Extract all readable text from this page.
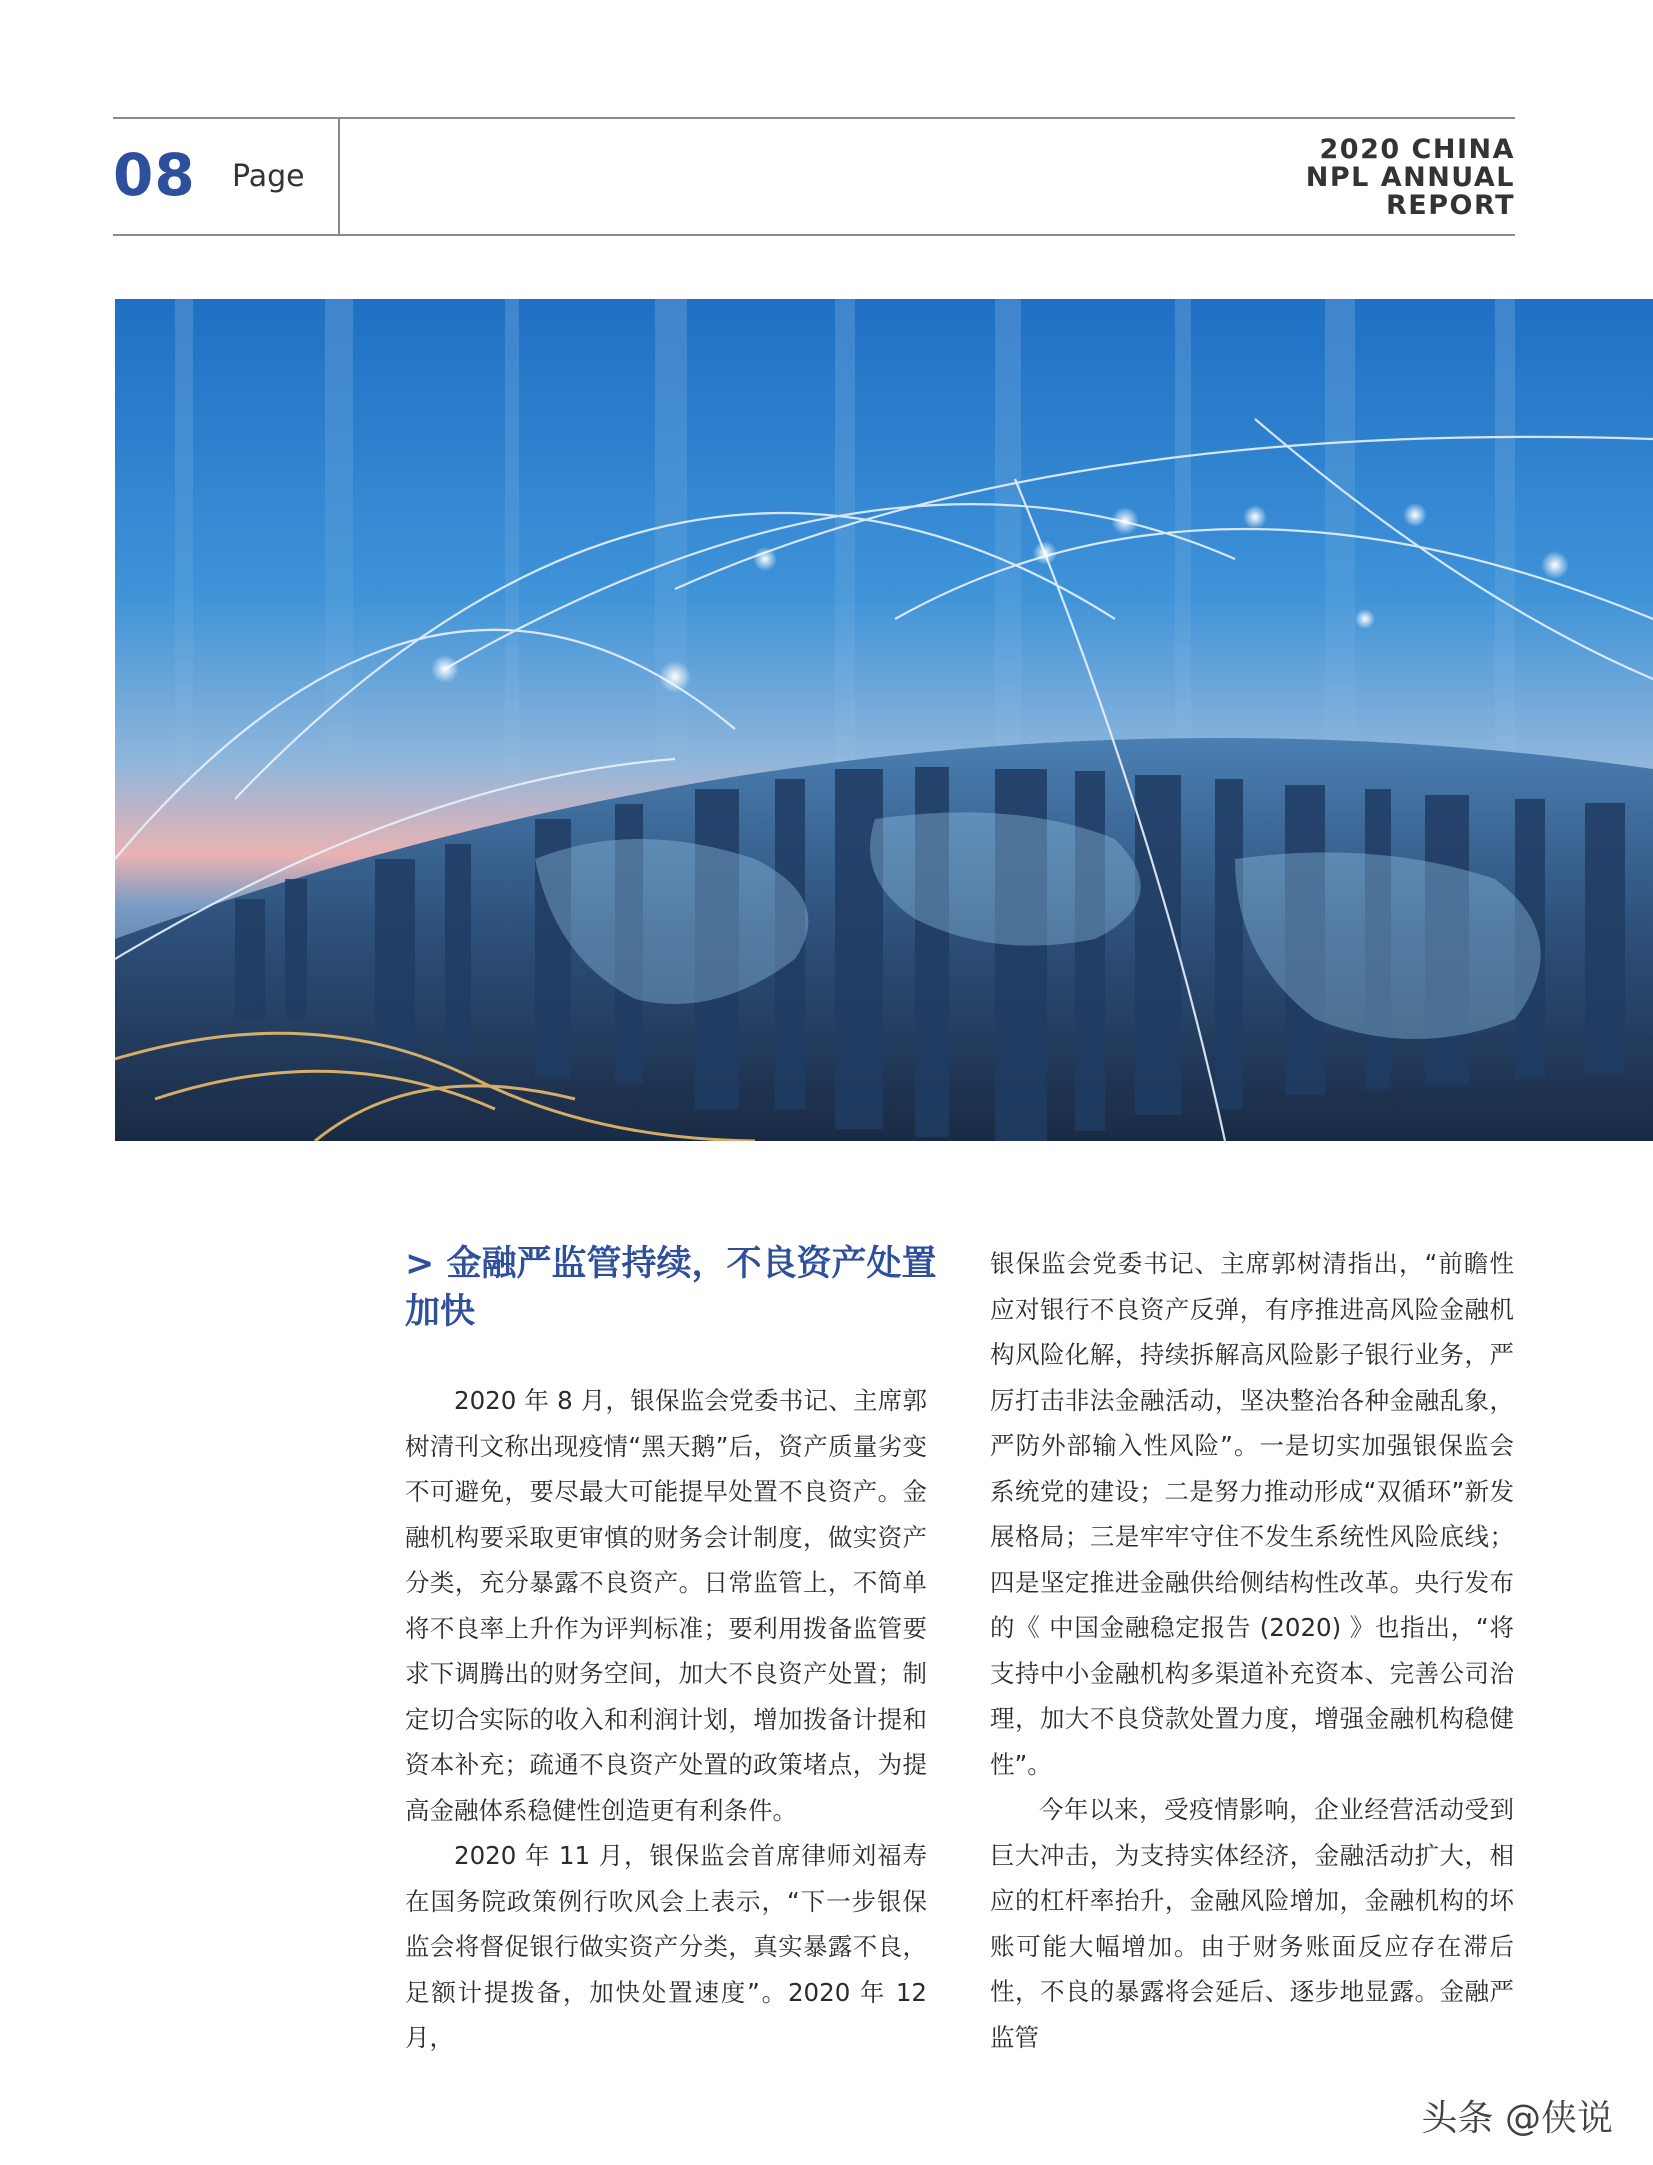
08 Page
2020 CHINA
NPL ANNUAL
REPORT
> 金融严监管持续，不良资产处置加快

2020 年 8 月，银保监会党委书记、主席郭树清刊文称出现疫情“黑天鹅”后，资产质量劣变不可避免，要尽最大可能提早处置不良资产。金融机构要采取更审慎的财务会计制度，做实资产分类，充分暴露不良资产。日常监管上，不简单将不良率上升作为评判标准；要利用拨备监管要求下调腾出的财务空间，加大不良资产处置；制定切合实际的收入和利润计划，增加拨备计提和资本补充；疏通不良资产处置的政策堵点，为提高金融体系稳健性创造更有利条件。

2020 年 11 月，银保监会首席律师刘福寿在国务院政策例行吹风会上表示，“下一步银保监会将督促银行做实资产分类，真实暴露不良，足额计提拨备，加快处置速度”。2020 年 12 月，

银保监会党委书记、主席郭树清指出，“前瞻性应对银行不良资产反弹，有序推进高风险金融机构风险化解，持续拆解高风险影子银行业务，严厉打击非法金融活动，坚决整治各种金融乱象，严防外部输入性风险”。一是切实加强银保监会系统党的建设；二是努力推动形成“双循环”新发展格局；三是牢牢守住不发生系统性风险底线；四是坚定推进金融供给侧结构性改革。央行发布的《 中国金融稳定报告 (2020) 》也指出，“将支持中小金融机构多渠道补充资本、完善公司治理，加大不良贷款处置力度，增强金融机构稳健性”。

今年以来，受疫情影响，企业经营活动受到巨大冲击，为支持实体经济，金融活动扩大，相应的杠杆率抬升，金融风险增加，金融机构的坏账可能大幅增加。由于财务账面反应存在滞后性，不良的暴露将会延后、逐步地显露。金融严监管

头条 @侠说
